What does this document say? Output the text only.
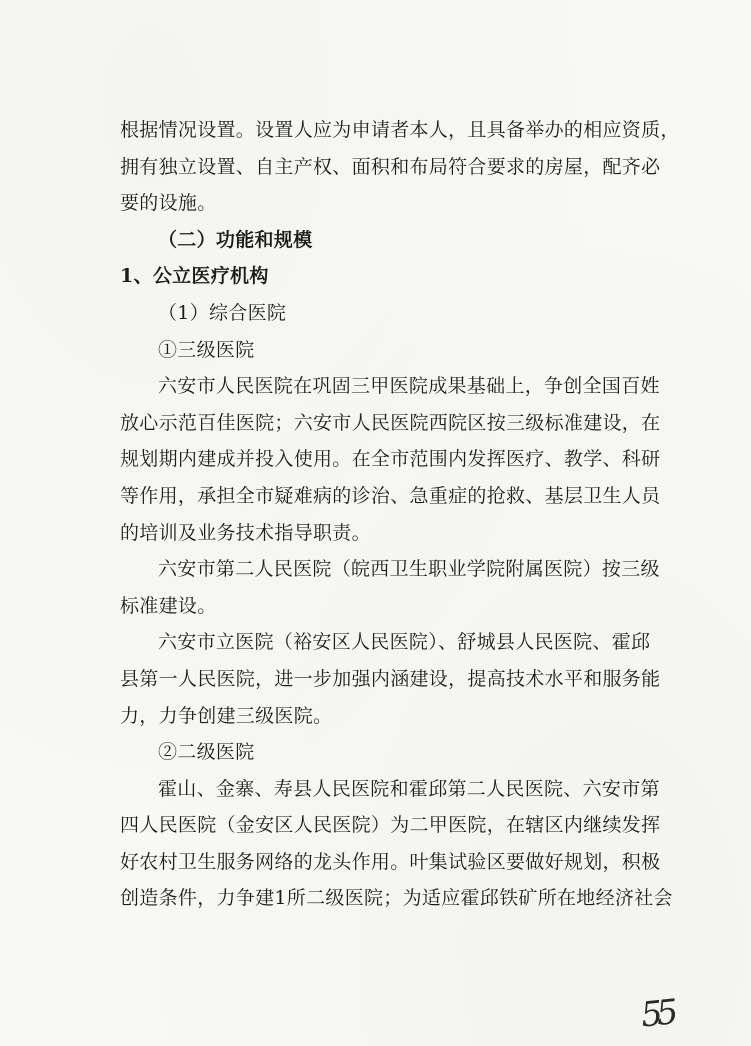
根据情况设置。设置人应为申请者本人，且具备举办的相应资质，
拥有独立设置、自主产权、面积和布局符合要求的房屋，配齐必
要的设施。
（二）功能和规模
1、公立医疗机构
（1）综合医院
①三级医院
六安市人民医院在巩固三甲医院成果基础上，争创全国百姓
放心示范百佳医院；六安市人民医院西院区按三级标准建设，在
规划期内建成并投入使用。在全市范围内发挥医疗、教学、科研
等作用，承担全市疑难病的诊治、急重症的抢救、基层卫生人员
的培训及业务技术指导职责。
六安市第二人民医院（皖西卫生职业学院附属医院）按三级
标准建设。
六安市立医院（裕安区人民医院）、舒城县人民医院、霍邱
县第一人民医院，进一步加强内涵建设，提高技术水平和服务能
力，力争创建三级医院。
②二级医院
霍山、金寨、寿县人民医院和霍邱第二人民医院、六安市第
四人民医院（金安区人民医院）为二甲医院，在辖区内继续发挥
好农村卫生服务网络的龙头作用。叶集试验区要做好规划，积极
创造条件，力争建1所二级医院；为适应霍邱铁矿所在地经济社会
55
